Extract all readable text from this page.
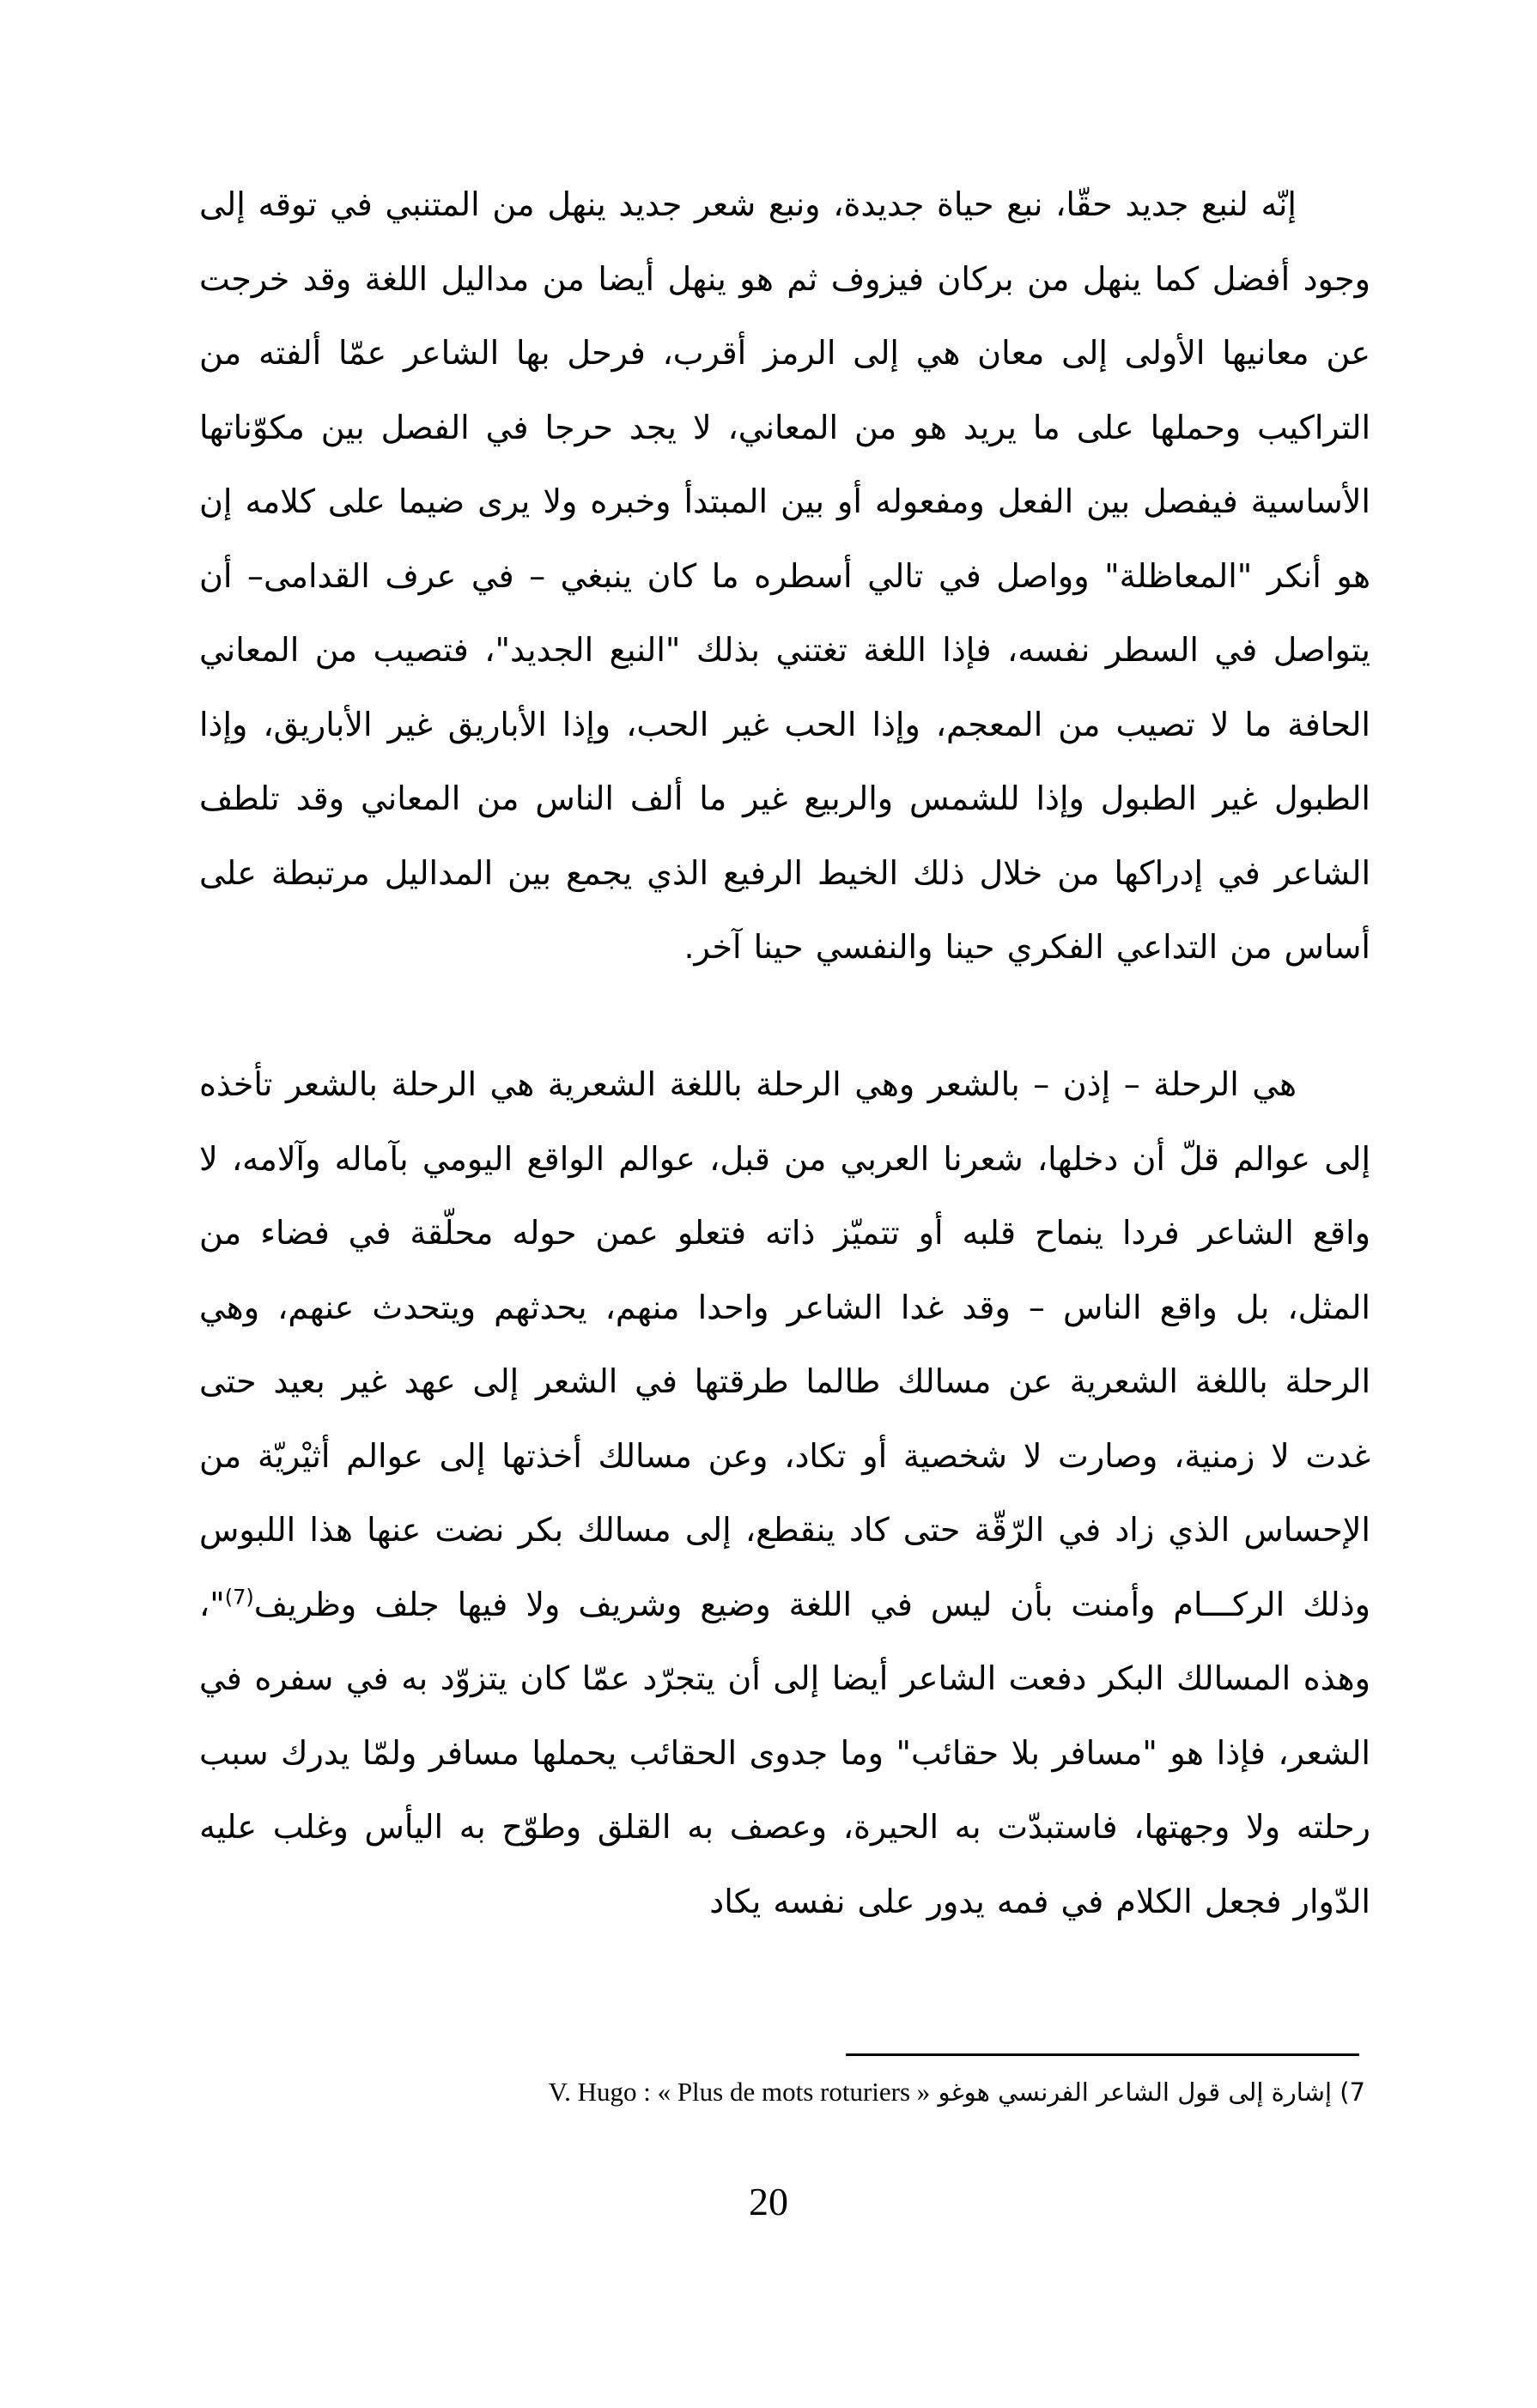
إنّه لنبع جديد حقّا، نبع حياة جديدة، ونبع شعر جديد ينهل من المتنبي في توقه إلى وجود أفضل كما ينهل من بركان فيزوف ثم هو ينهل أيضا من مداليل اللغة وقد خرجت عن معانيها الأولى إلى معان هي إلى الرمز أقرب، فرحل بها الشاعر عمّا ألفته من التراكيب وحملها على ما يريد هو من المعاني، لا يجد حرجا في الفصل بين مكوّناتها الأساسية فيفصل بين الفعل ومفعوله أو بين المبتدأ وخبره ولا يرى ضيما على كلامه إن هو أنكر "المعاظلة" وواصل في تالي أسطره ما كان ينبغي – في عرف القدامى– أن يتواصل في السطر نفسه، فإذا اللغة تغتني بذلك "النبع الجديد"، فتصيب من المعاني الحافة ما لا تصيب من المعجم، وإذا الحب غير الحب، وإذا الأباريق غير الأباريق، وإذا الطبول غير الطبول وإذا للشمس والربيع غير ما ألف الناس من المعاني وقد تلطف الشاعر في إدراكها من خلال ذلك الخيط الرفيع الذي يجمع بين المداليل مرتبطة على أساس من التداعي الفكري حينا والنفسي حينا آخر.

هي الرحلة – إذن – بالشعر وهي الرحلة باللغة الشعرية هي الرحلة بالشعر تأخذه إلى عوالم قلّ أن دخلها، شعرنا العربي من قبل، عوالم الواقع اليومي بآماله وآلامه، لا واقع الشاعر فردا ينماح قلبه أو تتميّز ذاته فتعلو عمن حوله محلّقة في فضاء من المثل، بل واقع الناس – وقد غدا الشاعر واحدا منهم، يحدثهم ويتحدث عنهم، وهي الرحلة باللغة الشعرية عن مسالك طالما طرقتها في الشعر إلى عهد غير بعيد حتى غدت لا زمنية، وصارت لا شخصية أو تكاد، وعن مسالك أخذتها إلى عوالم أثيْريّة من الإحساس الذي زاد في الرّقّة حتى كاد ينقطع، إلى مسالك بكر نضت عنها هذا اللبوس وذلك الركـــام وأمنت بأن ليس في اللغة وضيع وشريف ولا فيها جلف وظريف$^{(7)}$"، وهذه المسالك البكر دفعت الشاعر أيضا إلى أن يتجرّد عمّا كان يتزوّد به في سفره في الشعر، فإذا هو "مسافر بلا حقائب" وما جدوى الحقائب يحملها مسافر ولمّا يدرك سبب رحلته ولا وجهتها، فاستبدّت به الحيرة، وعصف به القلق وطوّح به اليأس وغلب عليه الدّوار فجعل الكلام في فمه يدور على نفسه يكاد

7) إشارة إلى قول الشاعر الفرنسي هوغو V. Hugo : « Plus de mots roturiers »

20
